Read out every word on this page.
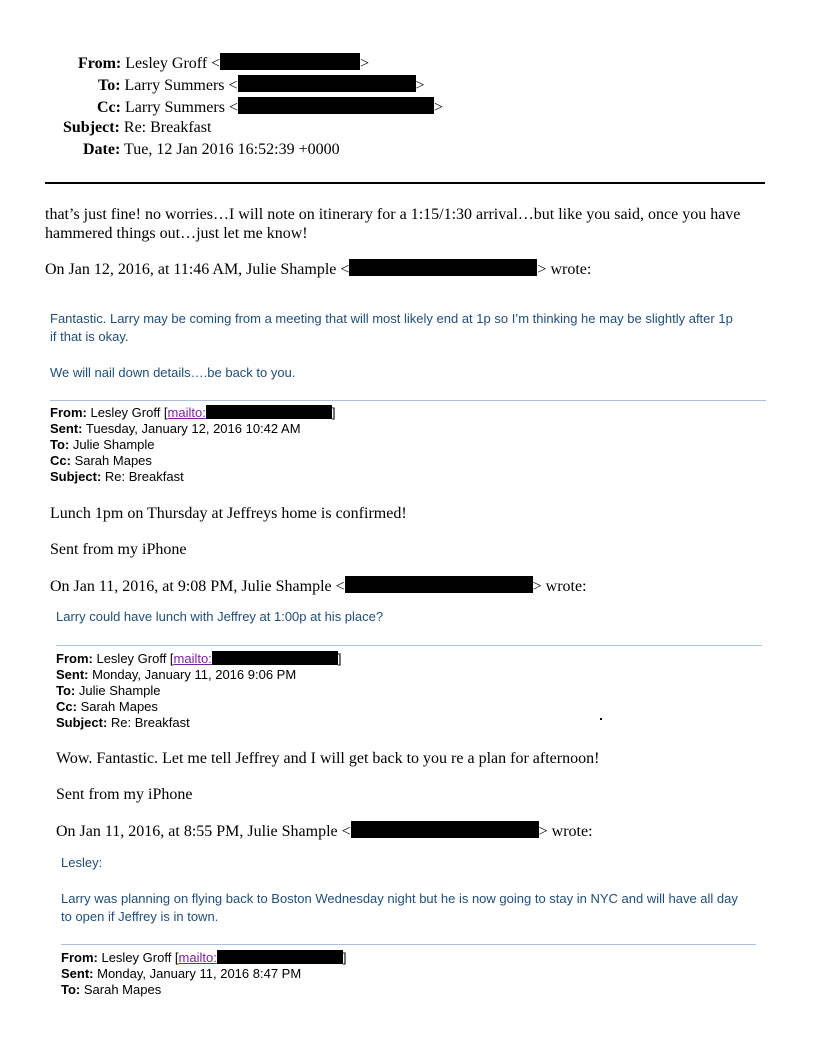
From: Lesley Groff <	>
To: Larry Summers <	>
Cc: Larry Summers <	>
Subject: Re: Breakfast
Date: Tue, 12 Jan 2016 16:52:39 +0000
that’s just fine! no worries…I will note on itinerary for a 1:15/1:30 arrival…but like you said, once you have
hammered things out…just let me know!
On Jan 12, 2016, at 11:46 AM, Julie Shample <	> wrote:
Fantastic. Larry may be coming from a meeting that will most likely end at 1p so I’m thinking he may be slightly after 1p
if that is okay.
We will nail down details….be back to you.
From: Lesley Groff [mailto:	]
Sent: Tuesday, January 12, 2016 10:42 AM
To: Julie Shample
Cc: Sarah Mapes
Subject: Re: Breakfast
Lunch 1pm on Thursday at Jeffreys home is confirmed!
Sent from my iPhone
On Jan 11, 2016, at 9:08 PM, Julie Shample <	> wrote:
Larry could have lunch with Jeffrey at 1:00p at his place?
From: Lesley Groff [mailto:	]
Sent: Monday, January 11, 2016 9:06 PM
To: Julie Shample
Cc: Sarah Mapes
Subject: Re: Breakfast
Wow. Fantastic. Let me tell Jeffrey and I will get back to you re a plan for afternoon!
Sent from my iPhone
On Jan 11, 2016, at 8:55 PM, Julie Shample <	> wrote:
Lesley:
Larry was planning on flying back to Boston Wednesday night but he is now going to stay in NYC and will have all day
to open if Jeffrey is in town.
From: Lesley Groff [mailto:	]
Sent: Monday, January 11, 2016 8:47 PM
To: Sarah Mapes
